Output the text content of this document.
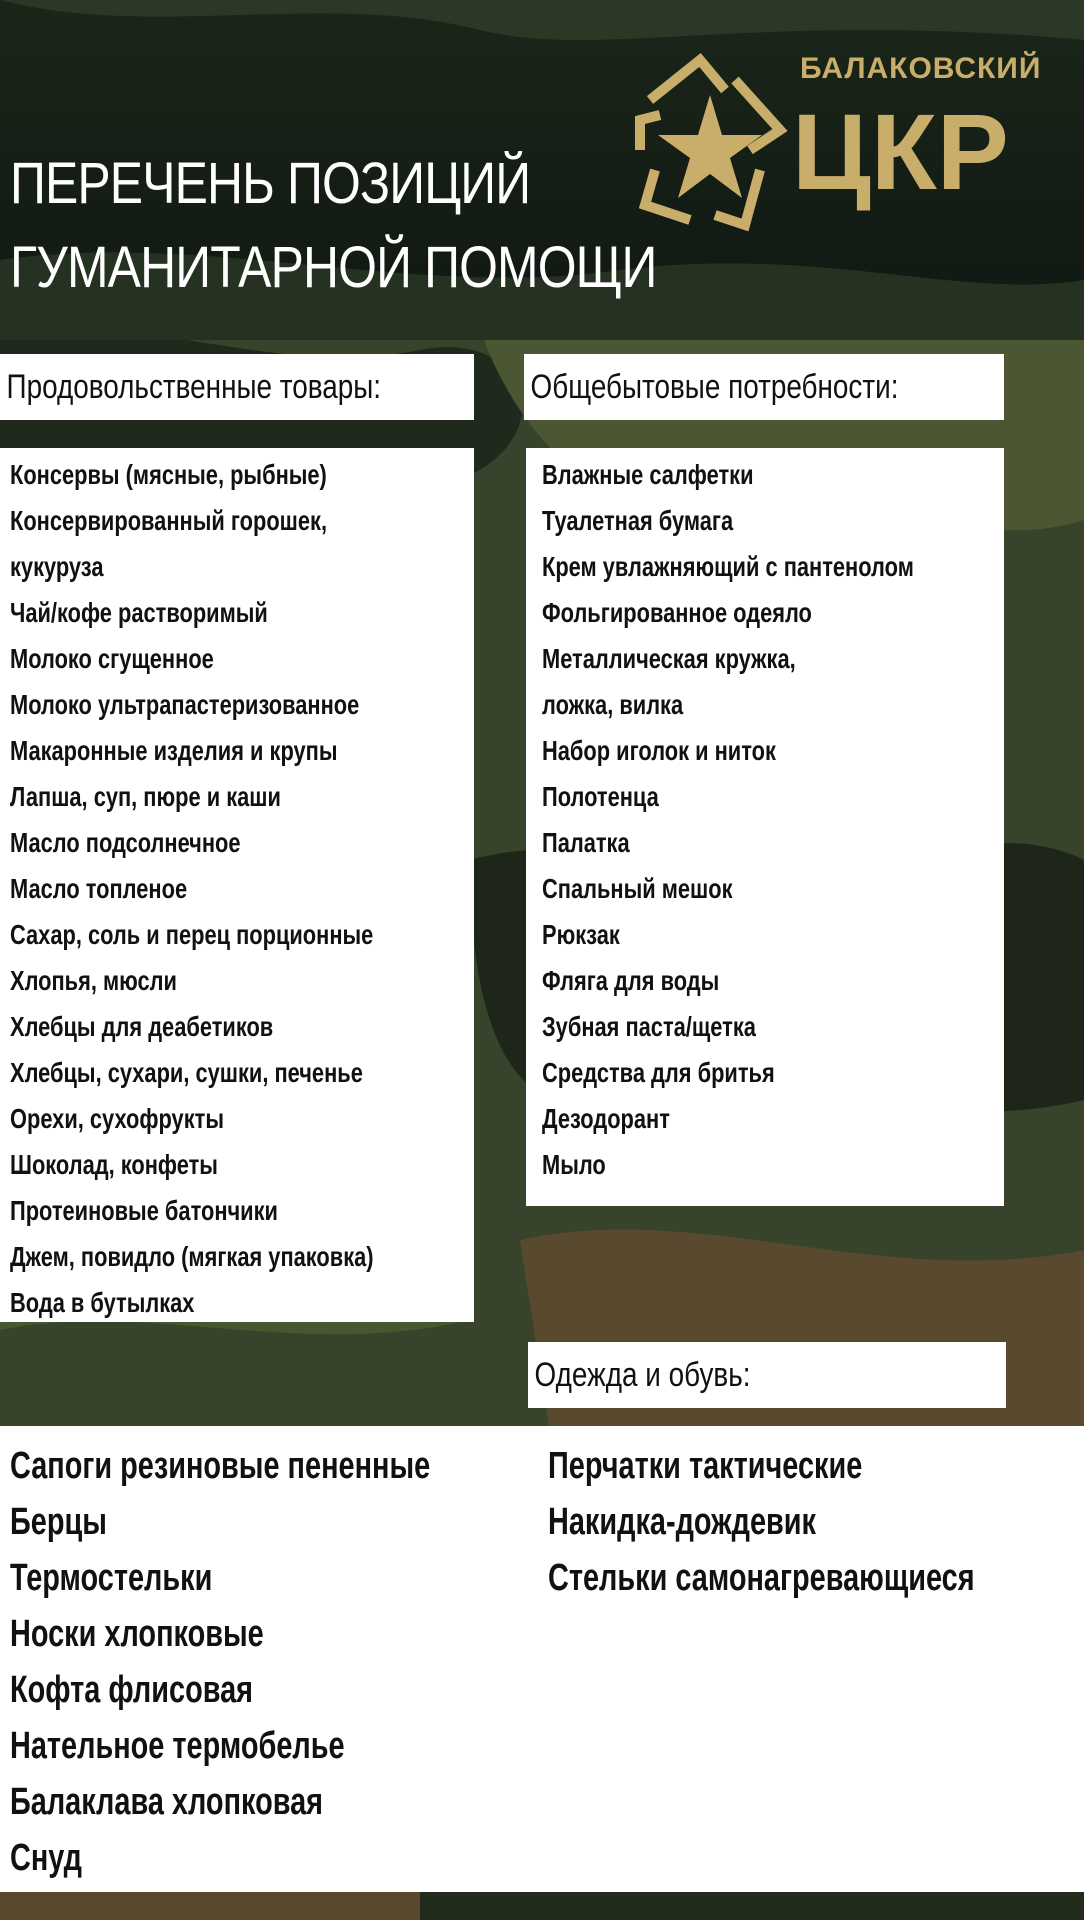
ПЕРЕЧЕНЬ ПОЗИЦИЙ
ГУМАНИТАРНОЙ ПОМОЩИ
БАЛАКОВСКИЙ
ЦКР
Продовольственные товары:
Консервы (мясные, рыбные)
Консервированный горошек,
кукуруза
Чай/кофе растворимый
Молоко сгущенное
Молоко ультрапастеризованное
Макаронные изделия и крупы
Лапша, суп, пюре и каши
Масло подсолнечное
Масло топленое
Сахар, соль и перец порционные
Хлопья, мюсли
Хлебцы для деабетиков
Хлебцы, сухари, сушки, печенье
Орехи, сухофрукты
Шоколад, конфеты
Протеиновые батончики
Джем, повидло (мягкая упаковка)
Вода в бутылках
Общебытовые потребности:
Влажные салфетки
Туалетная бумага
Крем увлажняющий с пантенолом
Фольгированное одеяло
Металлическая кружка,
ложка, вилка
Набор иголок и ниток
Полотенца
Палатка
Спальный мешок
Рюкзак
Фляга для воды
Зубная паста/щетка
Средства для бритья
Дезодорант
Мыло
Одежда и обувь:
Сапоги резиновые пененные
Берцы
Термостельки
Носки хлопковые
Кофта флисовая
Нательное термобелье
Балаклава хлопковая
Снуд
Перчатки тактические
Накидка-дождевик
Стельки самонагревающиеся
